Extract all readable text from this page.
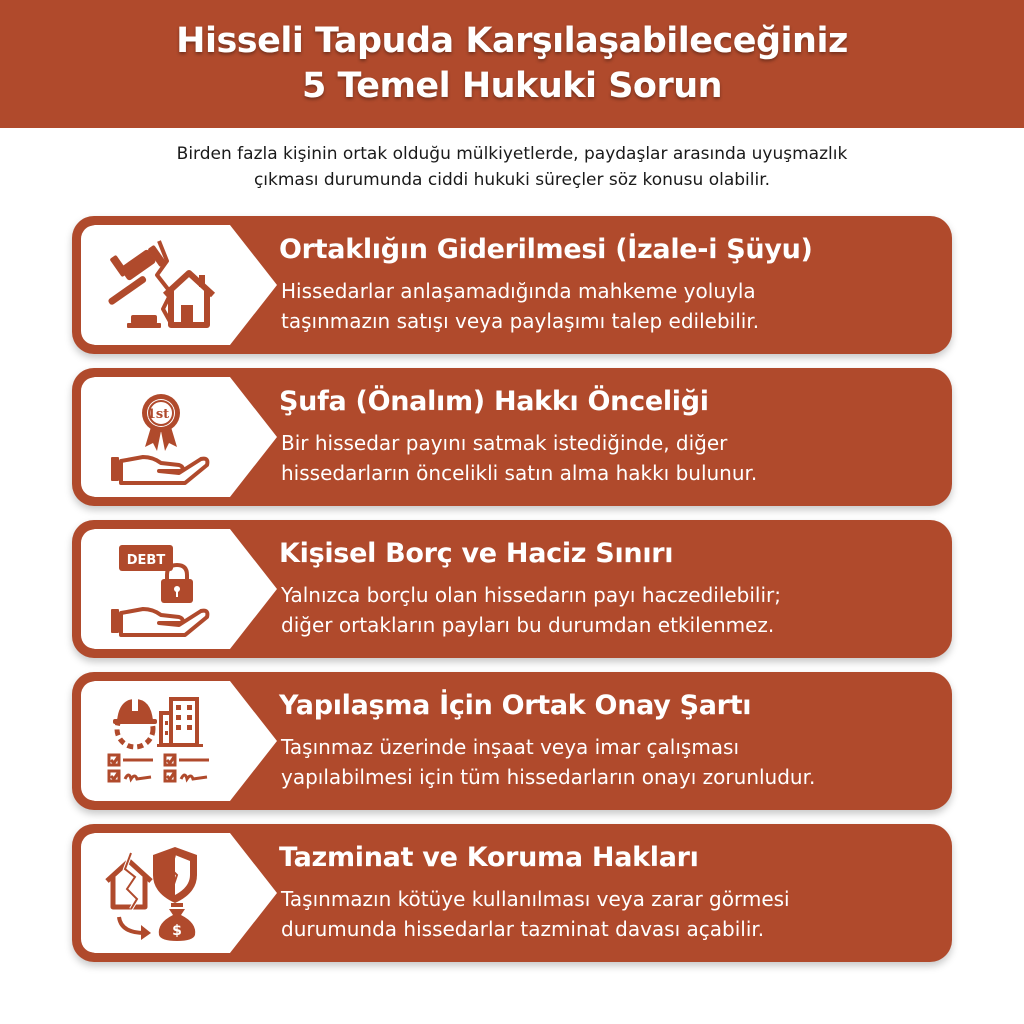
Hisseli Tapuda Karşılaşabileceğiniz
5 Temel Hukuki Sorun
Birden fazla kişinin ortak olduğu mülkiyetlerde, paydaşlar arasında uyuşmazlık
çıkması durumunda ciddi hukuki süreçler söz konusu olabilir.
Ortaklığın Giderilmesi (İzale-i Şüyu)
Hissedarlar anlaşamadığında mahkeme yoluyla
taşınmazın satışı veya paylaşımı talep edilebilir.
1st	Şufa (Önalım) Hakkı Önceliği
Bir hissedar payını satmak istediğinde, diğer
hissedarların öncelikli satın alma hakkı bulunur.
DEBT	Kişisel Borç ve Haciz Sınırı
Yalnızca borçlu olan hissedarın payı haczedilebilir;
diğer ortakların payları bu durumdan etkilenmez.
Yapılaşma İçin Ortak Onay Şartı
Taşınmaz üzerinde inşaat veya imar çalışması
yapılabilmesi için tüm hissedarların onayı zorunludur.
$
Tazminat ve Koruma Hakları
Taşınmazın kötüye kullanılması veya zarar görmesi
durumunda hissedarlar tazminat davası açabilir.
